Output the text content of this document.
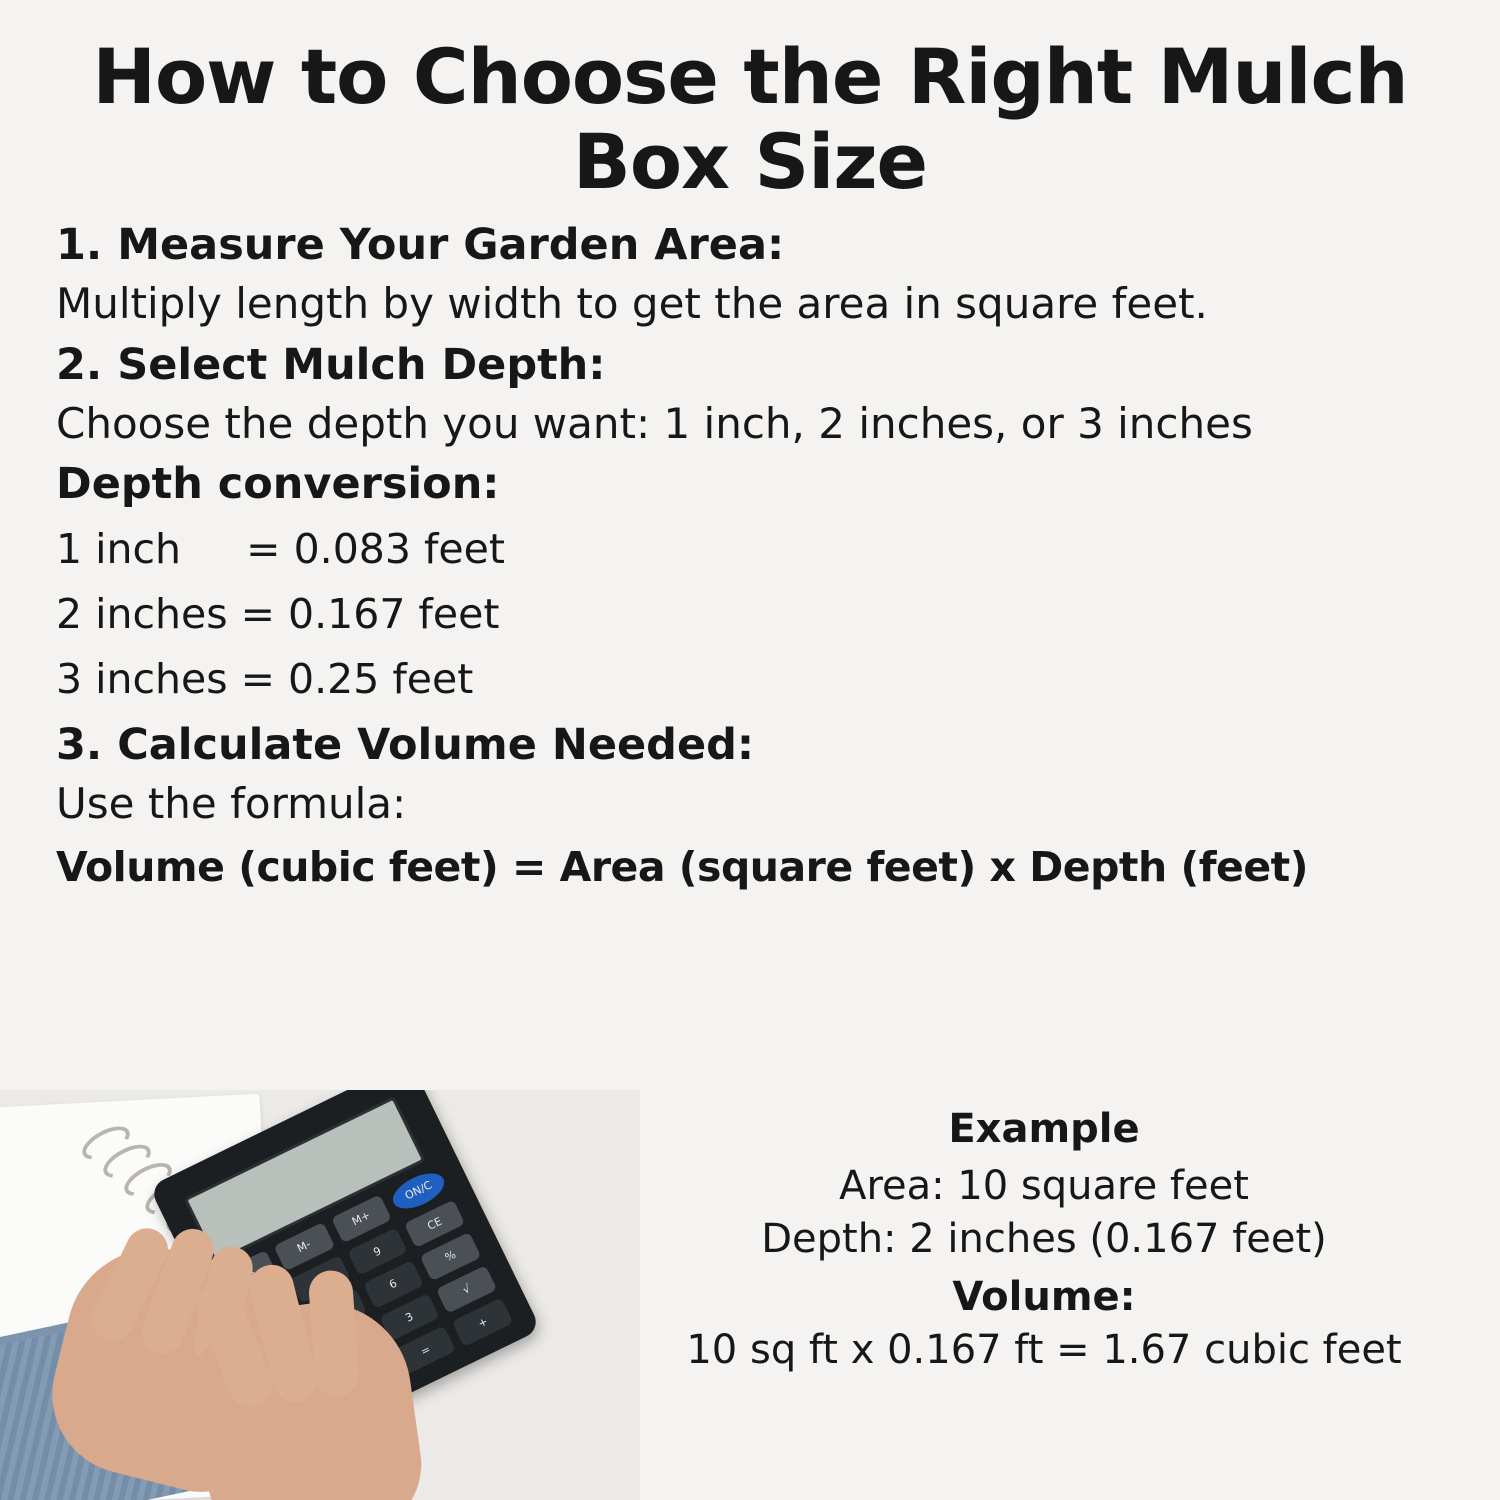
How to Choose the Right Mulch Box Size
1. Measure Your Garden Area:
Multiply length by width to get the area in square feet.
2. Select Mulch Depth:
Choose the depth you want: 1 inch, 2 inches, or 3 inches
Depth conversion:
1 inch     = 0.083 feet
2 inches = 0.167 feet
3 inches = 0.25 feet
3. Calculate Volume Needed:
Use the formula:
Volume (cubic feet) = Area (square feet) x Depth (feet)
M-
M+
ON/C
9
CE
6
%
3
√
=
+
Example
Area: 10 square feet
Depth: 2 inches (0.167 feet)
Volume:
10 sq ft x 0.167 ft = 1.67 cubic feet
